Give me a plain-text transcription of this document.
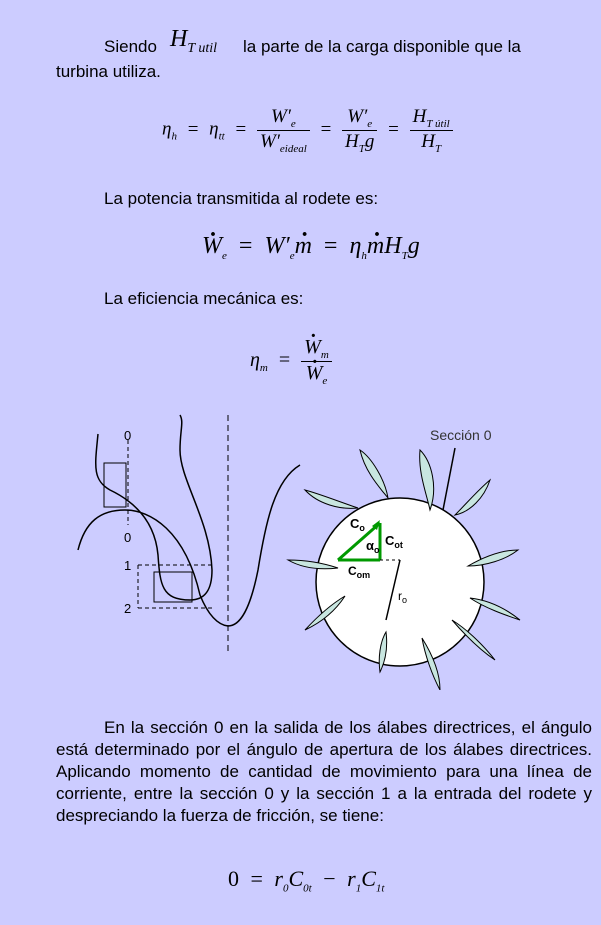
Siendo $H_{T util}$ la parte de la carga disponible que la
turbina utiliza.
$\eta_h = \eta_{tt} = \frac{W'_e}{W'_{eideal}} = \frac{W'_e}{H_Tg} = \frac{H_{T útil}}{H_T}$
La potencia transmitida al rodete es:
$W \cdot_e = W'_em$ · = $\eta_hm \cdot H_Tg$
La eficiencia mecánica es:
$\eta_m = \frac{W \cdot_m}{W \cdot_e}$
0
0
1
2
Sección 0
$C_o$
$C_{ot}$
$\alpha_o$
$C_{om}$
$r_o$
En la sección 0 en la salida de los álabes directrices, el ángulo está determinado por el ángulo de apertura de los álabes directrices. Aplicando momento de cantidad de movimiento para una línea de corriente, entre la sección 0 y la sección 1 a la entrada del rodete y despreciando la fuerza de fricción, se tiene:
$0 = r_0C_{0t} - r_1C_{1t}$
